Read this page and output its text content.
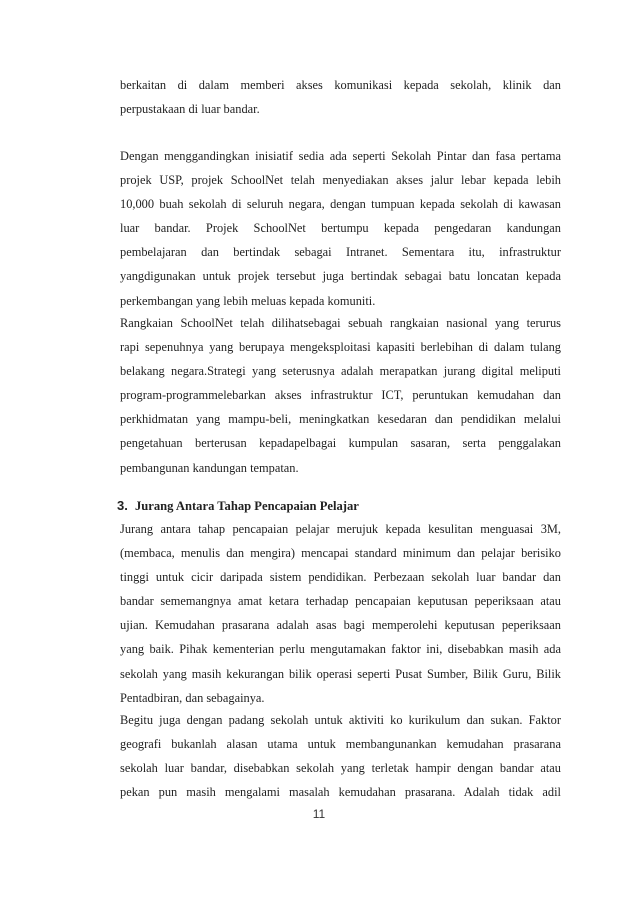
berkaitan di dalam memberi akses komunikasi kepada sekolah, klinik dan
perpustakaan di luar bandar.
Dengan menggandingkan inisiatif sedia ada seperti Sekolah Pintar dan fasa pertama
projek USP, projek SchoolNet telah menyediakan akses jalur lebar kepada lebih
10,000 buah sekolah di seluruh negara, dengan tumpuan kepada sekolah di kawasan
luar bandar. Projek SchoolNet bertumpu kepada pengedaran kandungan
pembelajaran dan bertindak sebagai Intranet. Sementara itu, infrastruktur
yangdigunakan untuk projek tersebut juga bertindak sebagai batu loncatan kepada
perkembangan yang lebih meluas kepada komuniti.
Rangkaian SchoolNet telah dilihatsebagai sebuah rangkaian nasional yang terurus
rapi sepenuhnya yang berupaya mengeksploitasi kapasiti berlebihan di dalam tulang
belakang negara.Strategi yang seterusnya adalah merapatkan jurang digital meliputi
program-programmelebarkan akses infrastruktur ICT, peruntukan kemudahan dan
perkhidmatan yang mampu-beli, meningkatkan kesedaran dan pendidikan melalui
pengetahuan berterusan kepadapelbagai kumpulan sasaran, serta penggalakan
pembangunan kandungan tempatan.
3. Jurang Antara Tahap Pencapaian Pelajar
Jurang antara tahap pencapaian pelajar merujuk kepada kesulitan menguasai 3M,
(membaca, menulis dan mengira) mencapai standard minimum dan pelajar berisiko
tinggi untuk cicir daripada sistem pendidikan. Perbezaan sekolah luar bandar dan
bandar sememangnya amat ketara terhadap pencapaian keputusan peperiksaan atau
ujian. Kemudahan prasarana adalah asas bagi memperolehi keputusan peperiksaan
yang baik. Pihak kementerian perlu mengutamakan faktor ini, disebabkan masih ada
sekolah yang masih kekurangan bilik operasi seperti Pusat Sumber, Bilik Guru, Bilik
Pentadbiran, dan sebagainya.
Begitu juga dengan padang sekolah untuk aktiviti ko kurikulum dan sukan. Faktor
geografi bukanlah alasan utama untuk membangunankan kemudahan prasarana
sekolah luar bandar, disebabkan sekolah yang terletak hampir dengan bandar atau
pekan pun masih mengalami masalah kemudahan prasarana. Adalah tidak adil
11
